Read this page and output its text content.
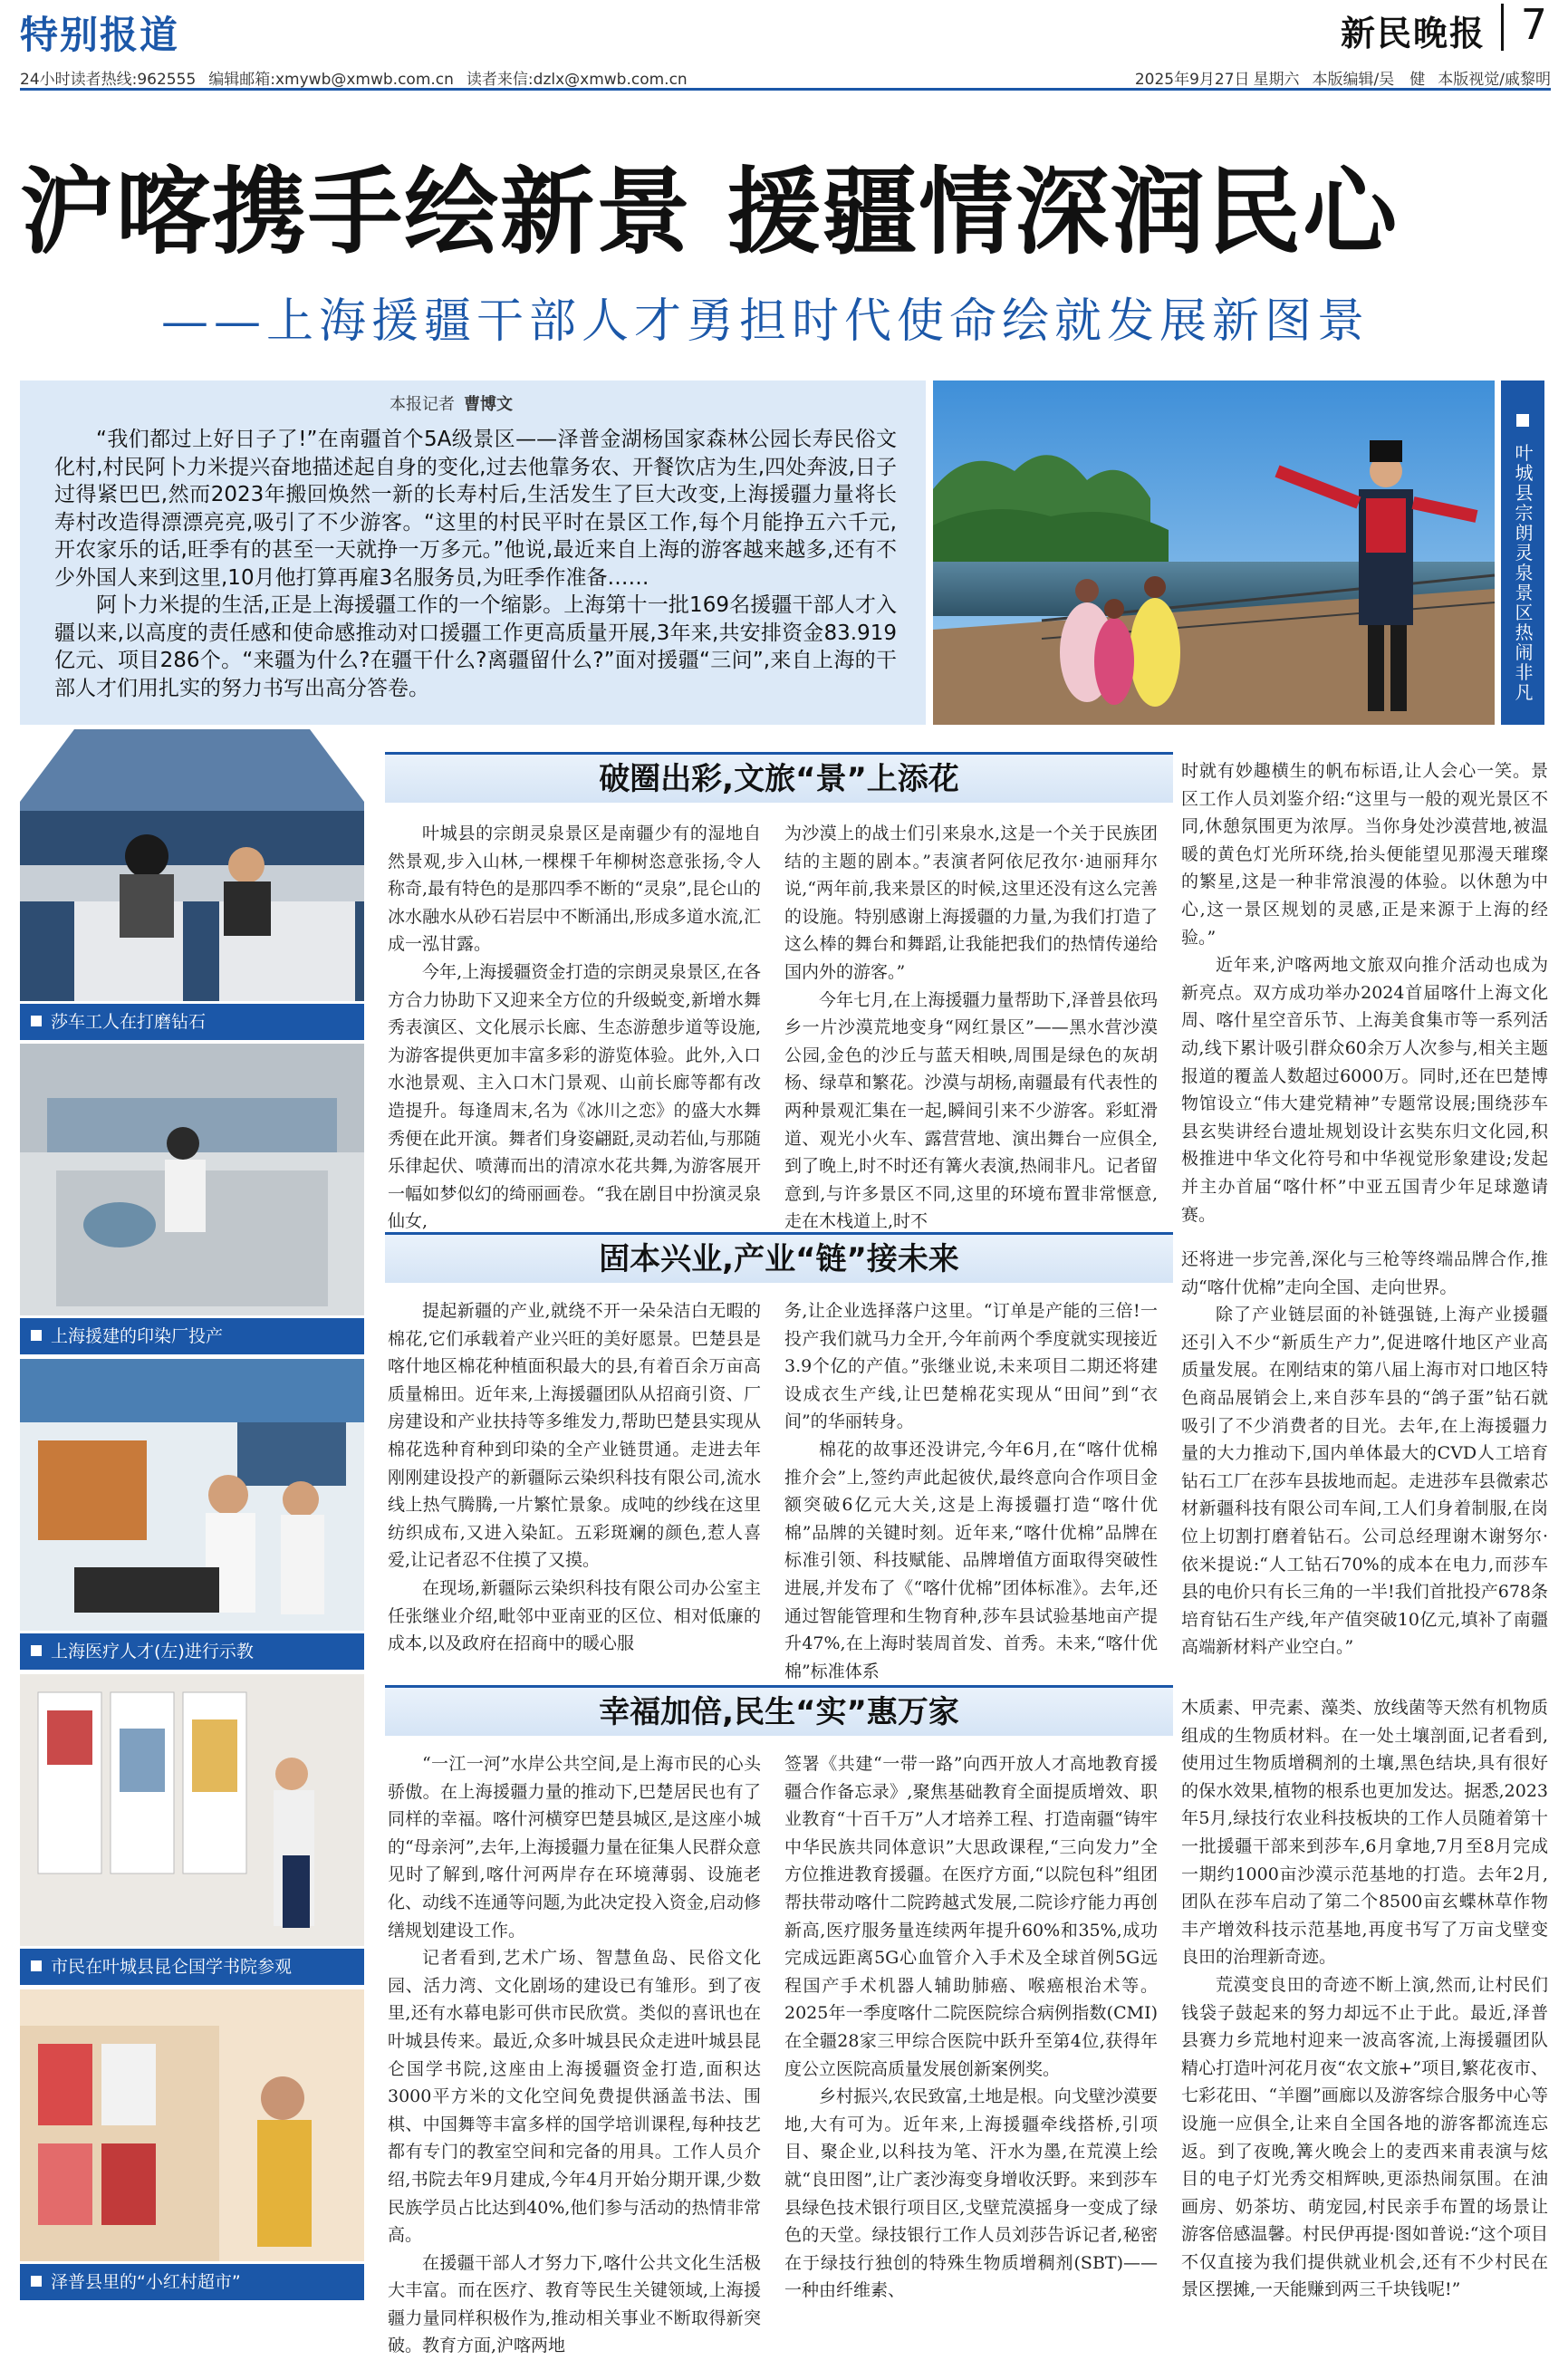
特别报道	新民晚报 7
24小时读者热线:962555 编辑邮箱:xmywb@xmwb.com.cn 读者来信:dzlx@xmwb.com.cn	2025年9月27日 星期六 本版编辑/吴　健 本版视觉/戚黎明
沪喀携手绘新景 援疆情深润民心
——上海援疆干部人才勇担时代使命绘就发展新图景
本报记者 曹博文

“我们都过上好日子了!”在南疆首个5A级景区——泽普金湖杨国家森林公园长寿民俗文化村,村民阿卜力米提兴奋地描述起自身的变化,过去他靠务农、开餐饮店为生,四处奔波,日子过得紧巴巴,然而2023年搬回焕然一新的长寿村后,生活发生了巨大改变,上海援疆力量将长寿村改造得漂漂亮亮,吸引了不少游客。“这里的村民平时在景区工作,每个月能挣五六千元,开农家乐的话,旺季有的甚至一天就挣一万多元。”他说,最近来自上海的游客越来越多,还有不少外国人来到这里,10月他打算再雇3名服务员,为旺季作准备……

阿卜力米提的生活,正是上海援疆工作的一个缩影。上海第十一批169名援疆干部人才入疆以来,以高度的责任感和使命感推动对口援疆工作更高质量开展,3年来,共安排资金83.919亿元、项目286个。“来疆为什么?在疆干什么?离疆留什么?”面对援疆“三问”,来自上海的干部人才们用扎实的努力书写出高分答卷。	叶城县宗朗灵泉景区热闹非凡
莎车工人在打磨钻石
上海援建的印染厂投产
上海医疗人才(左)进行示教
市民在叶城县昆仑国学书院参观
泽普县里的“小红村超市”
破圈出彩,文旅“景”上添花

叶城县的宗朗灵泉景区是南疆少有的湿地自然景观,步入山林,一棵棵千年柳树恣意张扬,令人称奇,最有特色的是那四季不断的“灵泉”,昆仑山的冰水融水从砂石岩层中不断涌出,形成多道水流,汇成一泓甘露。

今年,上海援疆资金打造的宗朗灵泉景区,在各方合力协助下又迎来全方位的升级蜕变,新增水舞秀表演区、文化展示长廊、生态游憩步道等设施,为游客提供更加丰富多彩的游览体验。此外,入口水池景观、主入口木门景观、山前长廊等都有改造提升。每逢周末,名为《冰川之恋》的盛大水舞秀便在此开演。舞者们身姿翩跹,灵动若仙,与那随乐律起伏、喷薄而出的清凉水花共舞,为游客展开一幅如梦似幻的绮丽画卷。“我在剧目中扮演灵泉仙女,

为沙漠上的战士们引来泉水,这是一个关于民族团结的主题的剧本。”表演者阿依尼孜尔·迪丽拜尔说,“两年前,我来景区的时候,这里还没有这么完善的设施。特别感谢上海援疆的力量,为我们打造了这么棒的舞台和舞蹈,让我能把我们的热情传递给国内外的游客。”

今年七月,在上海援疆力量帮助下,泽普县依玛乡一片沙漠荒地变身“网红景区”——黑水营沙漠公园,金色的沙丘与蓝天相映,周围是绿色的灰胡杨、绿草和繁花。沙漠与胡杨,南疆最有代表性的两种景观汇集在一起,瞬间引来不少游客。彩虹滑道、观光小火车、露营营地、演出舞台一应俱全,到了晚上,时不时还有篝火表演,热闹非凡。记者留意到,与许多景区不同,这里的环境布置非常惬意,走在木栈道上,时不

时就有妙趣横生的帆布标语,让人会心一笑。景区工作人员刘鉴介绍:“这里与一般的观光景区不同,休憩氛围更为浓厚。当你身处沙漠营地,被温暖的黄色灯光所环绕,抬头便能望见那漫天璀璨的繁星,这是一种非常浪漫的体验。以休憩为中心,这一景区规划的灵感,正是来源于上海的经验。”

近年来,沪喀两地文旅双向推介活动也成为新亮点。双方成功举办2024首届喀什上海文化周、喀什星空音乐节、上海美食集市等一系列活动,线下累计吸引群众60余万人次参与,相关主题报道的覆盖人数超过6000万。同时,还在巴楚博物馆设立“伟大建党精神”专题常设展;围绕莎车县玄奘讲经台遗址规划设计玄奘东归文化园,积极推进中华文化符号和中华视觉形象建设;发起并主办首届“喀什杯”中亚五国青少年足球邀请赛。

固本兴业,产业“链”接未来

提起新疆的产业,就绕不开一朵朵洁白无暇的棉花,它们承载着产业兴旺的美好愿景。巴楚县是喀什地区棉花种植面积最大的县,有着百余万亩高质量棉田。近年来,上海援疆团队从招商引资、厂房建设和产业扶持等多维发力,帮助巴楚县实现从棉花选种育种到印染的全产业链贯通。走进去年刚刚建设投产的新疆际云染织科技有限公司,流水线上热气腾腾,一片繁忙景象。成吨的纱线在这里纺织成布,又进入染缸。五彩斑斓的颜色,惹人喜爱,让记者忍不住摸了又摸。

在现场,新疆际云染织科技有限公司办公室主任张继业介绍,毗邻中亚南亚的区位、相对低廉的成本,以及政府在招商中的暖心服

务,让企业选择落户这里。“订单是产能的三倍!一投产我们就马力全开,今年前两个季度就实现接近3.9个亿的产值。”张继业说,未来项目二期还将建设成衣生产线,让巴楚棉花实现从“田间”到“衣间”的华丽转身。

棉花的故事还没讲完,今年6月,在“喀什优棉推介会”上,签约声此起彼伏,最终意向合作项目金额突破6亿元大关,这是上海援疆打造“喀什优棉”品牌的关键时刻。近年来,“喀什优棉”品牌在标准引领、科技赋能、品牌增值方面取得突破性进展,并发布了《“喀什优棉”团体标准》。去年,还通过智能管理和生物育种,莎车县试验基地亩产提升47%,在上海时装周首发、首秀。未来,“喀什优棉”标准体系

还将进一步完善,深化与三枪等终端品牌合作,推动“喀什优棉”走向全国、走向世界。

除了产业链层面的补链强链,上海产业援疆还引入不少“新质生产力”,促进喀什地区产业高质量发展。在刚结束的第八届上海市对口地区特色商品展销会上,来自莎车县的“鸽子蛋”钻石就吸引了不少消费者的目光。去年,在上海援疆力量的大力推动下,国内单体最大的CVD人工培育钻石工厂在莎车县拔地而起。走进莎车县微索芯材新疆科技有限公司车间,工人们身着制服,在岗位上切割打磨着钻石。公司总经理谢木谢努尔·依米提说:“人工钻石70%的成本在电力,而莎车县的电价只有长三角的一半!我们首批投产678条培育钻石生产线,年产值突破10亿元,填补了南疆高端新材料产业空白。”

幸福加倍,民生“实”惠万家

“一江一河”水岸公共空间,是上海市民的心头骄傲。在上海援疆力量的推动下,巴楚居民也有了同样的幸福。喀什河横穿巴楚县城区,是这座小城的“母亲河”,去年,上海援疆力量在征集人民群众意见时了解到,喀什河两岸存在环境薄弱、设施老化、动线不连通等问题,为此决定投入资金,启动修缮规划建设工作。

记者看到,艺术广场、智慧鱼岛、民俗文化园、活力湾、文化剧场的建设已有雏形。到了夜里,还有水幕电影可供市民欣赏。类似的喜讯也在叶城县传来。最近,众多叶城县民众走进叶城县昆仑国学书院,这座由上海援疆资金打造,面积达3000平方米的文化空间免费提供涵盖书法、围棋、中国舞等丰富多样的国学培训课程,每种技艺都有专门的教室空间和完备的用具。工作人员介绍,书院去年9月建成,今年4月开始分期开课,少数民族学员占比达到40%,他们参与活动的热情非常高。

在援疆干部人才努力下,喀什公共文化生活极大丰富。而在医疗、教育等民生关键领域,上海援疆力量同样积极作为,推动相关事业不断取得新突破。教育方面,沪喀两地

签署《共建“一带一路”向西开放人才高地教育援疆合作备忘录》,聚焦基础教育全面提质增效、职业教育“十百千万”人才培养工程、打造南疆“铸牢中华民族共同体意识”大思政课程,“三向发力”全方位推进教育援疆。在医疗方面,“以院包科”组团帮扶带动喀什二院跨越式发展,二院诊疗能力再创新高,医疗服务量连续两年提升60%和35%,成功完成远距离5G心血管介入手术及全球首例5G远程国产手术机器人辅助肺癌、喉癌根治术等。2025年一季度喀什二院医院综合病例指数(CMI)在全疆28家三甲综合医院中跃升至第4位,获得年度公立医院高质量发展创新案例奖。

乡村振兴,农民致富,土地是根。向戈壁沙漠要地,大有可为。近年来,上海援疆牵线搭桥,引项目、聚企业,以科技为笔、汗水为墨,在荒漠上绘就“良田图”,让广袤沙海变身增收沃野。来到莎车县绿色技术银行项目区,戈壁荒漠摇身一变成了绿色的天堂。绿技银行工作人员刘莎告诉记者,秘密在于绿技行独创的特殊生物质增稠剂(SBT)——一种由纤维素、

木质素、甲壳素、藻类、放线菌等天然有机物质组成的生物质材料。在一处土壤剖面,记者看到,使用过生物质增稠剂的土壤,黑色结块,具有很好的保水效果,植物的根系也更加发达。据悉,2023年5月,绿技行农业科技板块的工作人员随着第十一批援疆干部来到莎车,6月拿地,7月至8月完成一期约1000亩沙漠示范基地的打造。去年2月,团队在莎车启动了第二个8500亩玄蝶林草作物丰产增效科技示范基地,再度书写了万亩戈壁变良田的治理新奇迹。

荒漠变良田的奇迹不断上演,然而,让村民们钱袋子鼓起来的努力却远不止于此。最近,泽普县赛力乡荒地村迎来一波高客流,上海援疆团队精心打造叶河花月夜“农文旅+”项目,繁花夜市、七彩花田、“羊圈”画廊以及游客综合服务中心等设施一应俱全,让来自全国各地的游客都流连忘返。到了夜晚,篝火晚会上的麦西来甫表演与炫目的电子灯光秀交相辉映,更添热闹氛围。在油画房、奶茶坊、萌宠园,村民亲手布置的场景让游客倍感温馨。村民伊再提·图如普说:“这个项目不仅直接为我们提供就业机会,还有不少村民在景区摆摊,一天能赚到两三千块钱呢!”
